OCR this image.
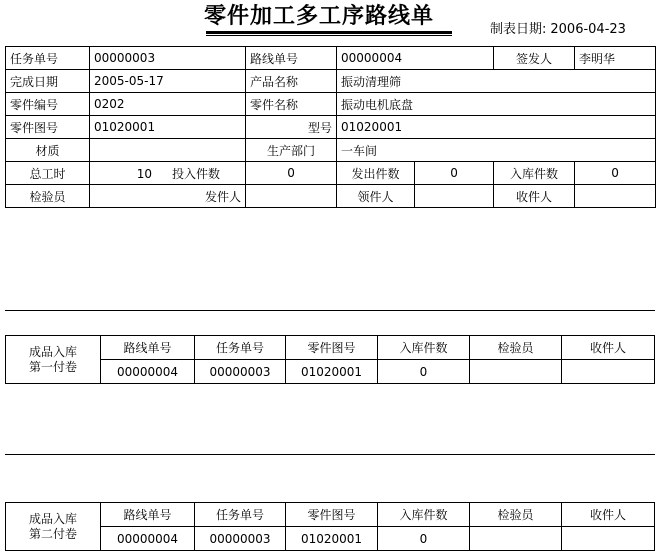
零件加工多工序路线单
制表日期: 2006-04-23
任务单号	00000003	路线单号	00000004		签发人	李明华
完成日期	2005-05-17	产品名称	振动清理筛			
零件编号	0202	零件名称	振动电机底盘			
零件图号	01020001	型号	01020001			
材质		生产部门	一车间			
总工时	10 投入件数	0	发出件数	0	入库件数	0
检验员	发件人		领件人		收件人	
成品入库
第一付卷	路线单号	任务单号	零件图号	入库件数	检验员	收件人
	00000004	00000003	01020001	0		
成品入库
第二付卷	路线单号	任务单号	零件图号	入库件数	检验员	收件人
	00000004	00000003	01020001	0		
